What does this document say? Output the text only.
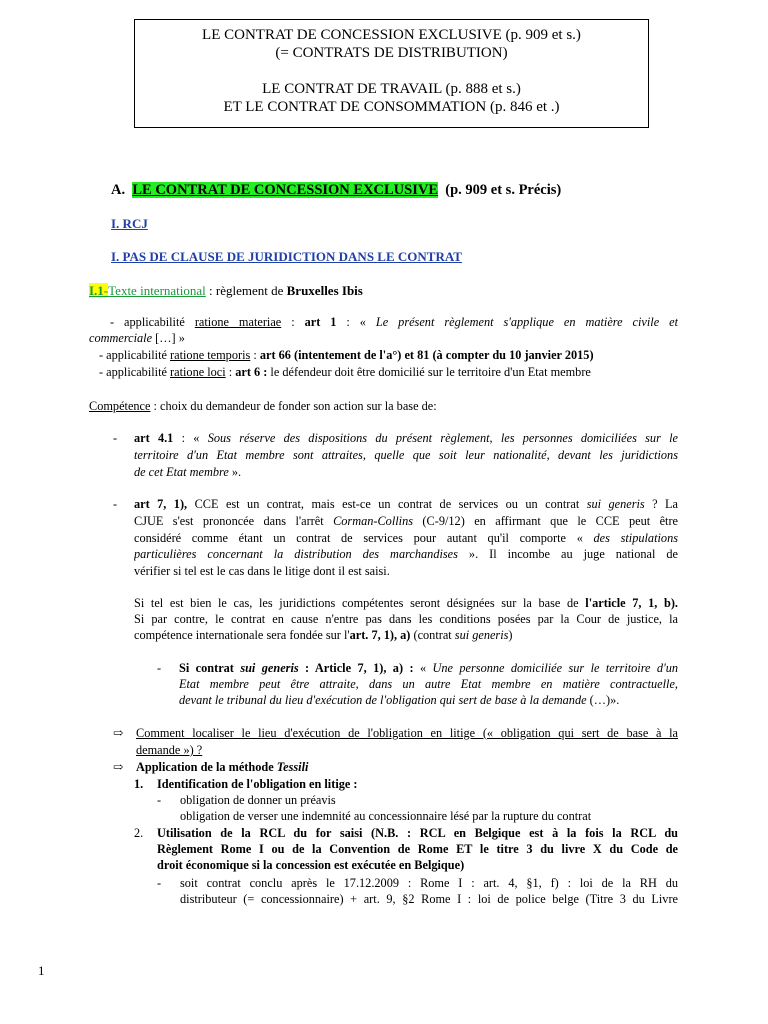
LE CONTRAT DE CONCESSION EXCLUSIVE (p. 909 et s.)
(= CONTRATS DE DISTRIBUTION)
LE CONTRAT DE TRAVAIL (p. 888 et s.)
ET LE CONTRAT DE CONSOMMATION (p. 846 et .)
A. LE CONTRAT DE CONCESSION EXCLUSIVE (p. 909 et s. Précis)
I. RCJ
I. PAS DE CLAUSE DE JURIDICTION DANS LE CONTRAT
I.1-Texte international : règlement de Bruxelles Ibis
- applicabilité ratione materiae : art 1 : « Le présent règlement s'applique en matière civile et
commerciale […] »
- applicabilité ratione temporis : art 66 (intentement de l'a°) et 81 (à compter du 10 janvier 2015)
- applicabilité ratione loci : art 6 : le défendeur doit être domicilié sur le territoire d'un Etat membre
Compétence : choix du demandeur de fonder son action sur la base de:
- art 4.1 : « Sous réserve des dispositions du présent règlement, les personnes domiciliées sur le
territoire d'un Etat membre sont attraites, quelle que soit leur nationalité, devant les juridictions
de cet Etat membre ».
- art 7, 1), CCE est un contrat, mais est-ce un contrat de services ou un contrat sui generis ? La
CJUE s'est prononcée dans l'arrêt Corman-Collins (C-9/12) en affirmant que le CCE peut être
considéré comme étant un contrat de services pour autant qu'il comporte « des stipulations
particulières concernant la distribution des marchandises ». Il incombe au juge national de
vérifier si tel est le cas dans le litige dont il est saisi.
Si tel est bien le cas, les juridictions compétentes seront désignées sur la base de l'article 7, 1, b).
Si par contre, le contrat en cause n'entre pas dans les conditions posées par la Cour de justice, la
compétence internationale sera fondée sur l'art. 7, 1), a) (contrat sui generis)
- Si contrat sui generis : Article 7, 1), a) : « Une personne domiciliée sur le territoire d'un
Etat membre peut être attraite, dans un autre Etat membre en matière contractuelle,
devant le tribunal du lieu d'exécution de l'obligation qui sert de base à la demande (…)».
⇨ Comment localiser le lieu d'exécution de l'obligation en litige (« obligation qui sert de base à la
demande ») ?
⇨ Application de la méthode Tessili
1. Identification de l'obligation en litige :
- obligation de donner un préavis
obligation de verser une indemnité au concessionnaire lésé par la rupture du contrat
2. Utilisation de la RCL du for saisi (N.B. : RCL en Belgique est à la fois la RCL du
Règlement Rome I ou de la Convention de Rome ET le titre 3 du livre X du Code de
droit économique si la concession est exécutée en Belgique)
- soit contrat conclu après le 17.12.2009 : Rome I : art. 4, §1, f) : loi de la RH du
distributeur (= concessionnaire) + art. 9, §2 Rome I : loi de police belge (Titre 3 du Livre
1
